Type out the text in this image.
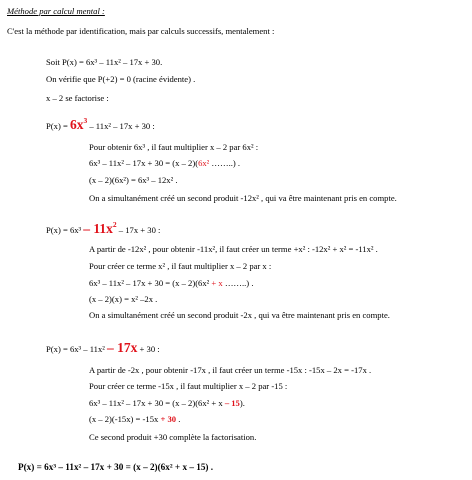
Méthode par calcul mental :
C'est la méthode par identification, mais par calculs successifs, mentalement :
Soit P(x) = 6x³ – 11x² – 17x + 30.
On vérifie que P(+2) = 0 (racine évidente) .
x – 2 se factorise :
$P(x) = 6x^3 - 11x^2 - 17x + 30$ :
Pour obtenir 6x³ , il faut multiplier x – 2 par 6x² :
6x³ – 11x² – 17x + 30 = (x – 2)(6x² ……..) .
(x – 2)(6x²) = 6x³ – 12x² .
On a simultanément créé un second produit -12x² , qui va être maintenant pris en compte.
$P(x) = 6x^3 - 11x^2 - 17x + 30$ :
A partir de -12x² , pour obtenir -11x², il faut créer un terme +x² : -12x² + x² = -11x² .
Pour créer ce terme x² , il faut multiplier x – 2 par x :
6x³ – 11x² – 17x + 30 = (x – 2)(6x² + x ……..) .
(x – 2)(x) = x² –2x .
On a simultanément créé un second produit -2x , qui va être maintenant pris en compte.
P(x) = 6x³ – 11x² – 17x + 30 :
A partir de -2x , pour obtenir -17x , il faut créer un terme -15x : -15x – 2x = -17x .
Pour créer ce terme -15x , il faut multiplier x – 2 par -15 :
6x³ – 11x² – 17x + 30 = (x – 2)(6x² + x – 15).
(x – 2)(-15x) = -15x + 30 .
Ce second produit +30 complète la factorisation.
P(x) = 6x³ – 11x² – 17x + 30 = (x – 2)(6x² + x – 15) .
